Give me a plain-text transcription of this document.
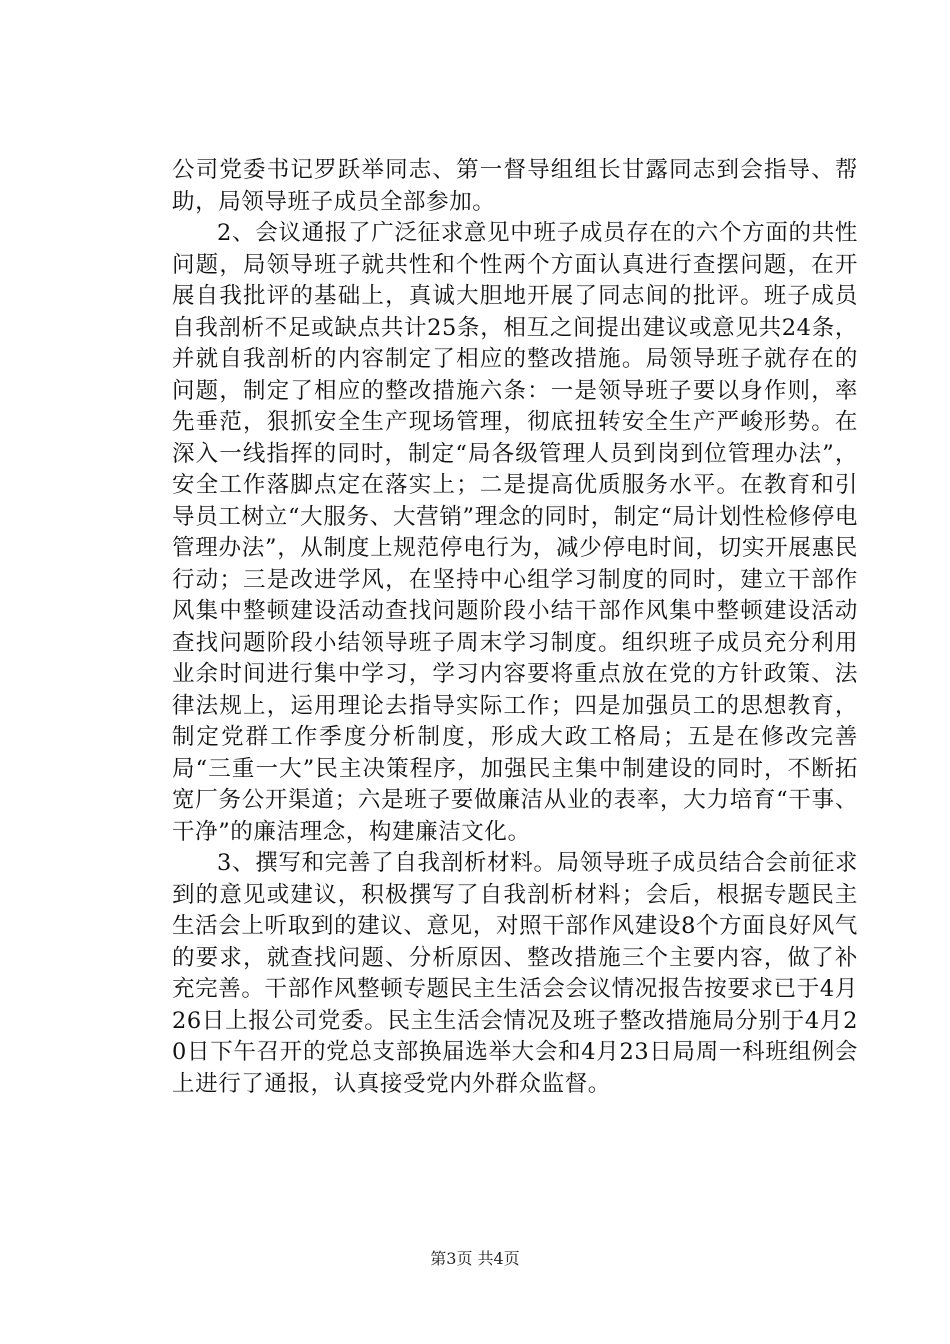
公司党委书记罗跃举同志、第一督导组组长甘露同志到会指导、帮助，局领导班子成员全部参加。

2、会议通报了广泛征求意见中班子成员存在的六个方面的共性问题，局领导班子就共性和个性两个方面认真进行查摆问题，在开展自我批评的基础上，真诚大胆地开展了同志间的批评。班子成员自我剖析不足或缺点共计25条，相互之间提出建议或意见共24条，并就自我剖析的内容制定了相应的整改措施。局领导班子就存在的问题，制定了相应的整改措施六条：一是领导班子要以身作则，率先垂范，狠抓安全生产现场管理，彻底扭转安全生产严峻形势。在深入一线指挥的同时，制定“局各级管理人员到岗到位管理办法”，安全工作落脚点定在落实上；二是提高优质服务水平。在教育和引导员工树立“大服务、大营销”理念的同时，制定“局计划性检修停电管理办法”，从制度上规范停电行为，减少停电时间，切实开展惠民行动；三是改进学风，在坚持中心组学习制度的同时，建立干部作风集中整顿建设活动查找问题阶段小结干部作风集中整顿建设活动查找问题阶段小结领导班子周末学习制度。组织班子成员充分利用业余时间进行集中学习，学习内容要将重点放在党的方针政策、法律法规上，运用理论去指导实际工作；四是加强员工的思想教育，制定党群工作季度分析制度，形成大政工格局；五是在修改完善局“三重一大”民主决策程序，加强民主集中制建设的同时，不断拓宽厂务公开渠道；六是班子要做廉洁从业的表率，大力培育“干事、干净”的廉洁理念，构建廉洁文化。

3、撰写和完善了自我剖析材料。局领导班子成员结合会前征求到的意见或建议，积极撰写了自我剖析材料；会后，根据专题民主生活会上听取到的建议、意见，对照干部作风建设8个方面良好风气的要求，就查找问题、分析原因、整改措施三个主要内容，做了补充完善。干部作风整顿专题民主生活会会议情况报告按要求已于4月26日上报公司党委。民主生活会情况及班子整改措施局分别于4月20日下午召开的党总支部换届选举大会和4月23日局周一科班组例会上进行了通报，认真接受党内外群众监督。

第3页 共4页
